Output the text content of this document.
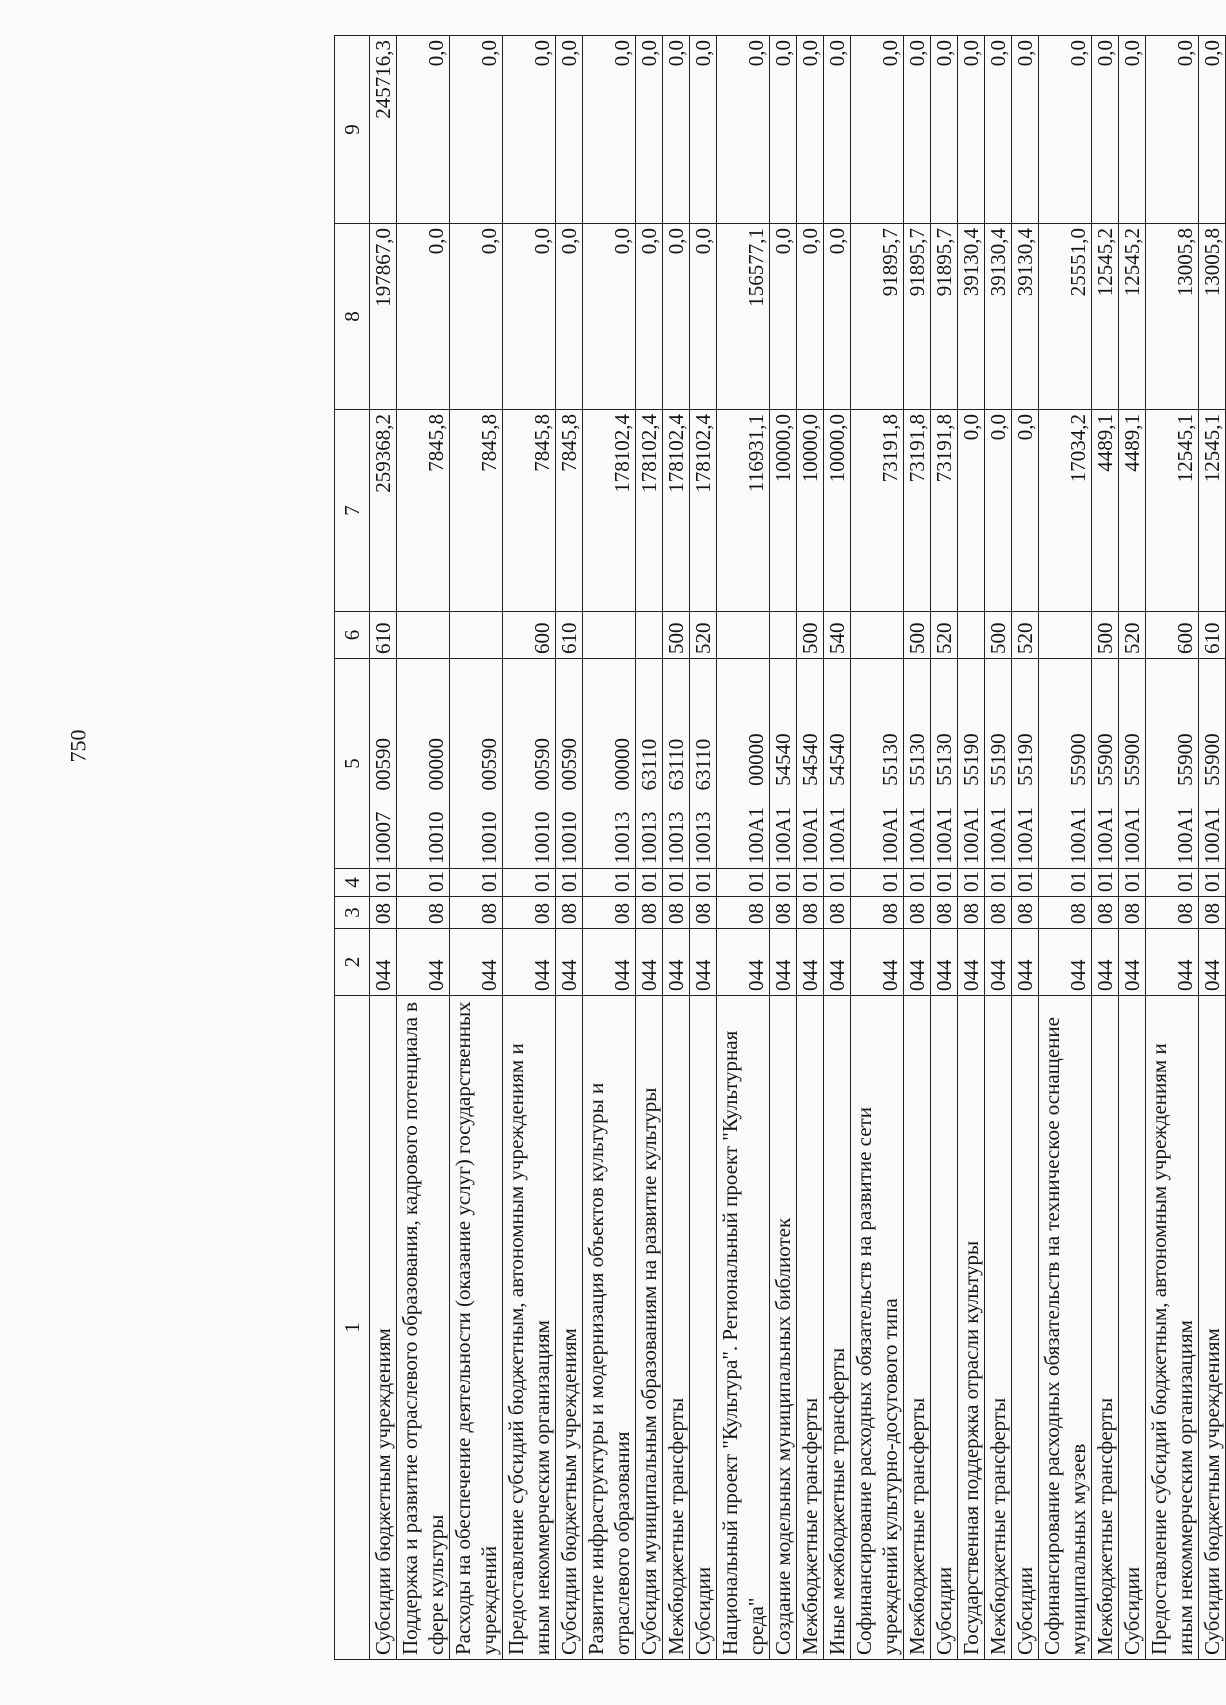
750
1	2	3	4	5	6	7	8	9
Субсидии бюджетным учреждениям	044	08	01	10007    00590	610	259368,2	197867,0	245716,3
Поддержка и развитие отраслевого образования, кадрового потенциала в сфере культуры	044	08	01	10010    00000		7845,8	0,0	0,0
Расходы на обеспечение деятельности (оказание услуг) государственных учреждений	044	08	01	10010    00590		7845,8	0,0	0,0
Предоставление субсидий бюджетным, автономным учреждениям и иным некоммерческим организациям	044	08	01	10010    00590	600	7845,8	0,0	0,0
Субсидии бюджетным учреждениям	044	08	01	10010    00590	610	7845,8	0,0	0,0
Развитие инфраструктуры и модернизация объектов культуры и отраслевого образования	044	08	01	10013    00000		178102,4	0,0	0,0
Субсидия муниципальным образованиям на развитие культуры	044	08	01	10013    63110		178102,4	0,0	0,0
Межбюджетные трансферты	044	08	01	10013    63110	500	178102,4	0,0	0,0
Субсидии	044	08	01	10013    63110	520	178102,4	0,0	0,0
Национальный проект "Культура". Региональный проект "Культурная среда"	044	08	01	100A1    00000		116931,1	156577,1	0,0
Создание модельных муниципальных библиотек	044	08	01	100A1    54540		10000,0	0,0	0,0
Межбюджетные трансферты	044	08	01	100A1    54540	500	10000,0	0,0	0,0
Иные межбюджетные трансферты	044	08	01	100A1    54540	540	10000,0	0,0	0,0
Софинансирование расходных обязательств на развитие сети учреждений культурно-досугового типа	044	08	01	100A1    55130		73191,8	91895,7	0,0
Межбюджетные трансферты	044	08	01	100A1    55130	500	73191,8	91895,7	0,0
Субсидии	044	08	01	100A1    55130	520	73191,8	91895,7	0,0
Государственная поддержка отрасли культуры	044	08	01	100A1    55190		0,0	39130,4	0,0
Межбюджетные трансферты	044	08	01	100A1    55190	500	0,0	39130,4	0,0
Субсидии	044	08	01	100A1    55190	520	0,0	39130,4	0,0
Софинансирование расходных обязательств на техническое оснащение муниципальных музеев	044	08	01	100A1    55900		17034,2	25551,0	0,0
Межбюджетные трансферты	044	08	01	100A1    55900	500	4489,1	12545,2	0,0
Субсидии	044	08	01	100A1    55900	520	4489,1	12545,2	0,0
Предоставление субсидий бюджетным, автономным учреждениям и иным некоммерческим организациям	044	08	01	100A1    55900	600	12545,1	13005,8	0,0
Субсидии бюджетным учреждениям	044	08	01	100A1    55900	610	12545,1	13005,8	0,0
